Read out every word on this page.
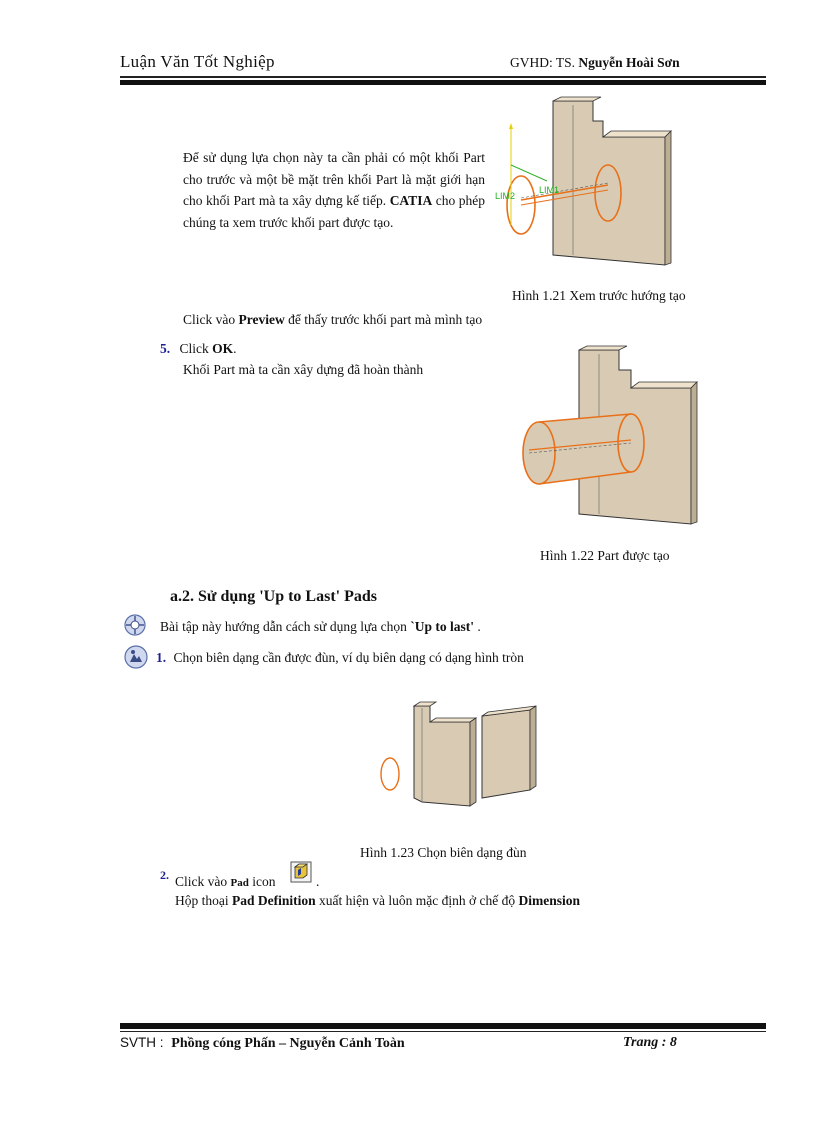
Luận Văn Tốt Nghiệp	GVHD: TS. Nguyễn Hoài Sơn
Để sử dụng lựa chọn này ta cần phải có một khối Part cho trước và một bề mặt trên khối Part là mặt giới hạn cho khối Part mà ta xây dựng kế tiếp. CATIA cho phép chúng ta xem trước khối part được tạo.
LIM2
LIM1
Hình 1.21 Xem trước hướng tạo
Click vào Preview để thấy trước khối part mà mình tạo
5. Click OK.
Khối Part mà ta cần xây dựng đã hoàn thành
Hình 1.22 Part được tạo
a.2. Sử dụng 'Up to Last' Pads
Bài tập này hướng dẫn cách sử dụng lựa chọn `Up to last' .
1. Chọn biên dạng cần được đùn, ví dụ biên dạng có dạng hình tròn
Hình 1.23 Chọn biên dạng đùn
2. Click vào Pad icon	.
Hộp thoại Pad Definition xuất hiện và luôn mặc định ở chế độ Dimension
SVTH : Phồng cóng Phấn – Nguyễn Cảnh Toàn	Trang : 8
